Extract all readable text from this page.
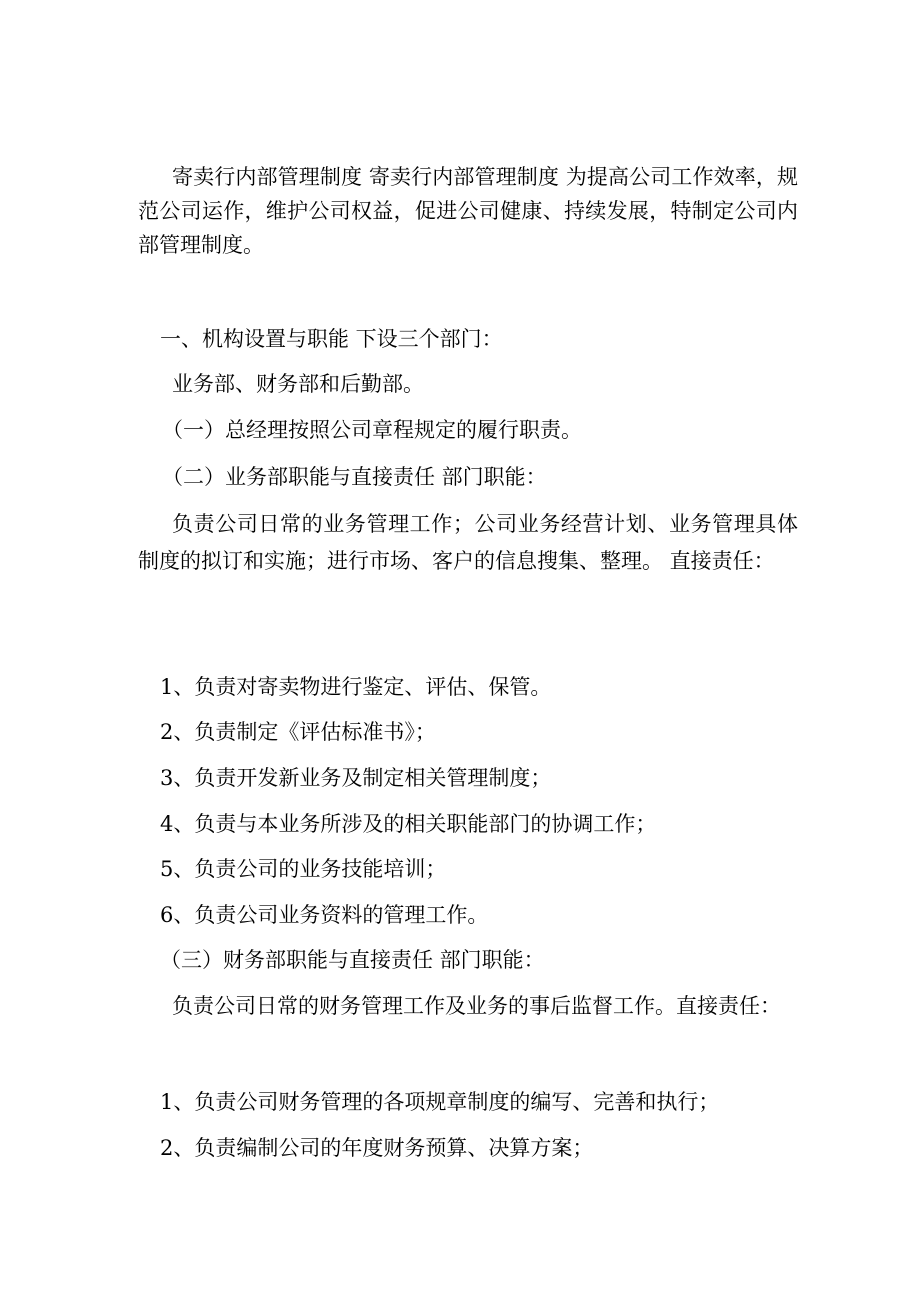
寄卖行内部管理制度 寄卖行内部管理制度 为提高公司工作效率，规范公司运作，维护公司权益，促进公司健康、持续发展，特制定公司内部管理制度。

一、机构设置与职能 下设三个部门：
业务部、财务部和后勤部。
（一）总经理按照公司章程规定的履行职责。
（二）业务部职能与直接责任 部门职能：

负责公司日常的业务管理工作；公司业务经营计划、业务管理具体制度的拟订和实施；进行市场、客户的信息搜集、整理。 直接责任：

1、负责对寄卖物进行鉴定、评估、保管。
2、负责制定《评估标准书》；
3、负责开发新业务及制定相关管理制度；
4、负责与本业务所涉及的相关职能部门的协调工作；
5、负责公司的业务技能培训；
6、负责公司业务资料的管理工作。
（三）财务部职能与直接责任 部门职能：
负责公司日常的财务管理工作及业务的事后监督工作。直接责任：
1、负责公司财务管理的各项规章制度的编写、完善和执行；
2、负责编制公司的年度财务预算、决算方案；
